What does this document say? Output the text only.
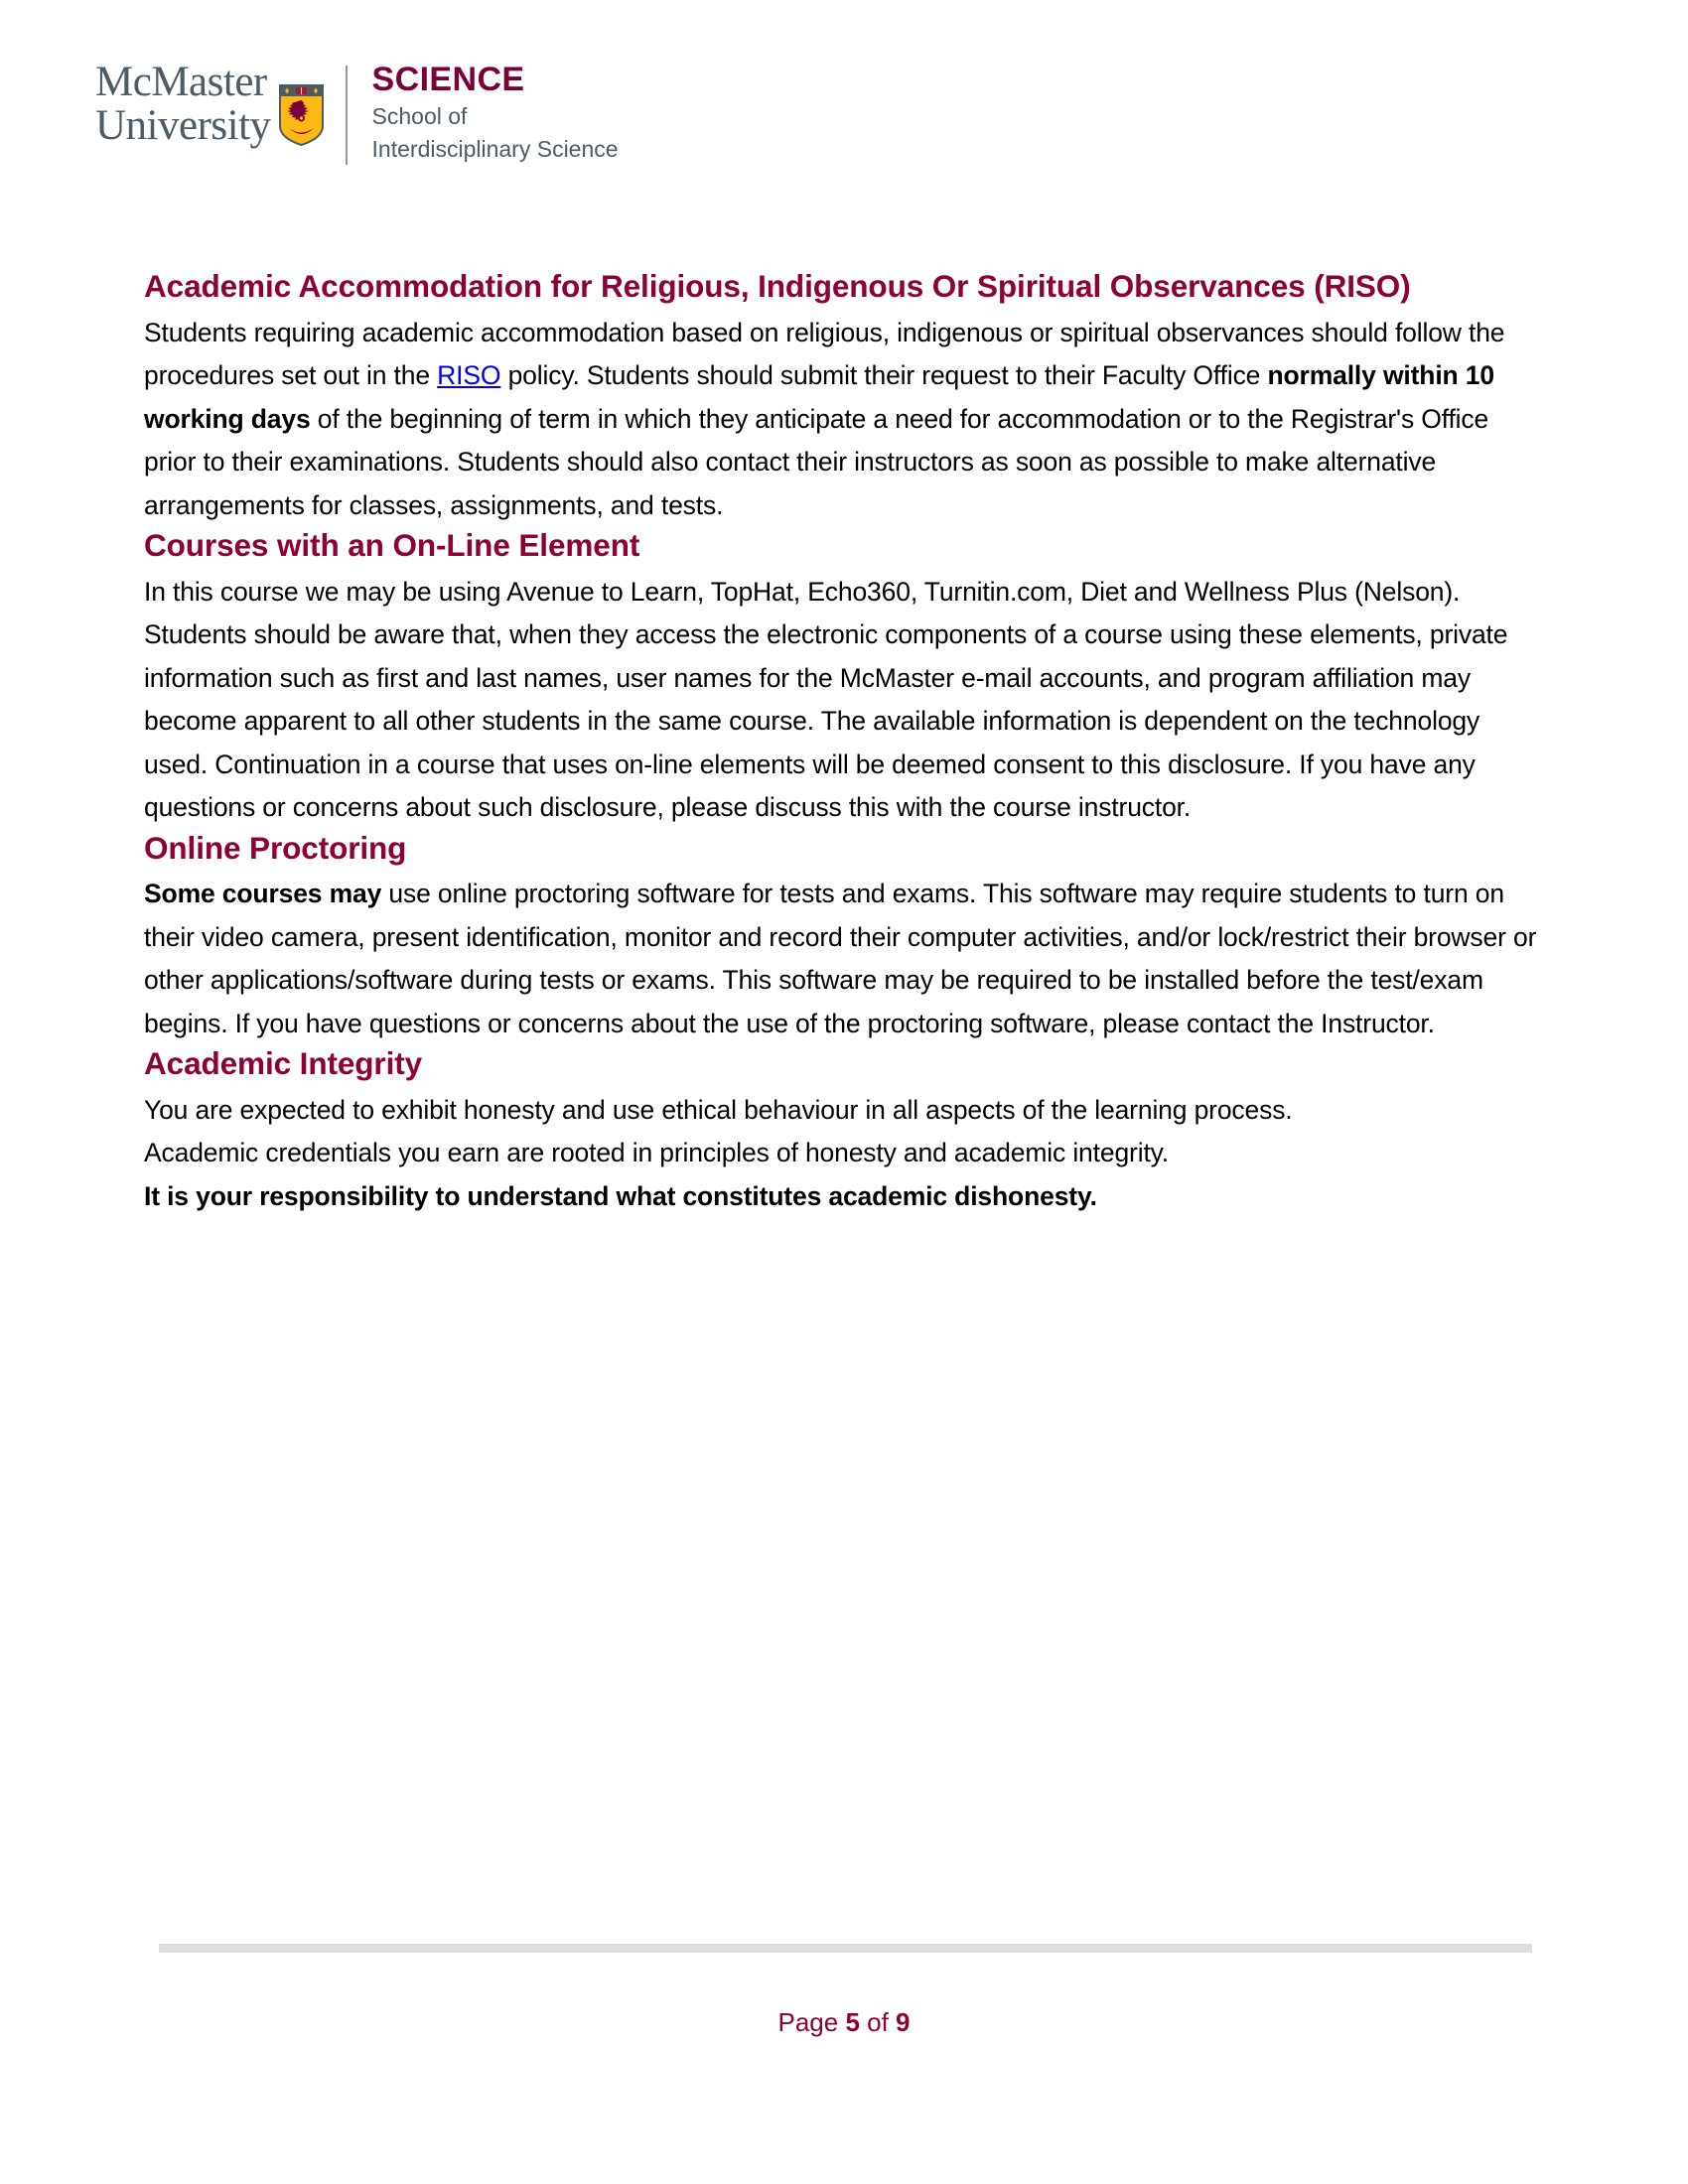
McMaster
University
SCIENCE
School of
Interdisciplinary Science
Academic Accommodation for Religious, Indigenous Or Spiritual Observances (RISO)

Students requiring academic accommodation based on religious, indigenous or spiritual observances should follow the procedures set out in the RISO policy. Students should submit their request to their Faculty Office normally within 10 working days of the beginning of term in which they anticipate a need for accommodation or to the Registrar's Office prior to their examinations. Students should also contact their instructors as soon as possible to make alternative arrangements for classes, assignments, and tests.

Courses with an On-Line Element

In this course we may be using Avenue to Learn, TopHat, Echo360, Turnitin.com, Diet and Wellness Plus (Nelson). Students should be aware that, when they access the electronic components of a course using these elements, private information such as first and last names, user names for the McMaster e-mail accounts, and program affiliation may become apparent to all other students in the same course. The available information is dependent on the technology used. Continuation in a course that uses on-line elements will be deemed consent to this disclosure. If you have any questions or concerns about such disclosure, please discuss this with the course instructor.

Online Proctoring

Some courses may use online proctoring software for tests and exams. This software may require students to turn on their video camera, present identification, monitor and record their computer activities, and/or lock/restrict their browser or other applications/software during tests or exams. This software may be required to be installed before the test/exam begins. If you have questions or concerns about the use of the proctoring software, please contact the Instructor.

Academic Integrity

You are expected to exhibit honesty and use ethical behaviour in all aspects of the learning process.

Academic credentials you earn are rooted in principles of honesty and academic integrity.

It is your responsibility to understand what constitutes academic dishonesty.

Page 5 of 9
